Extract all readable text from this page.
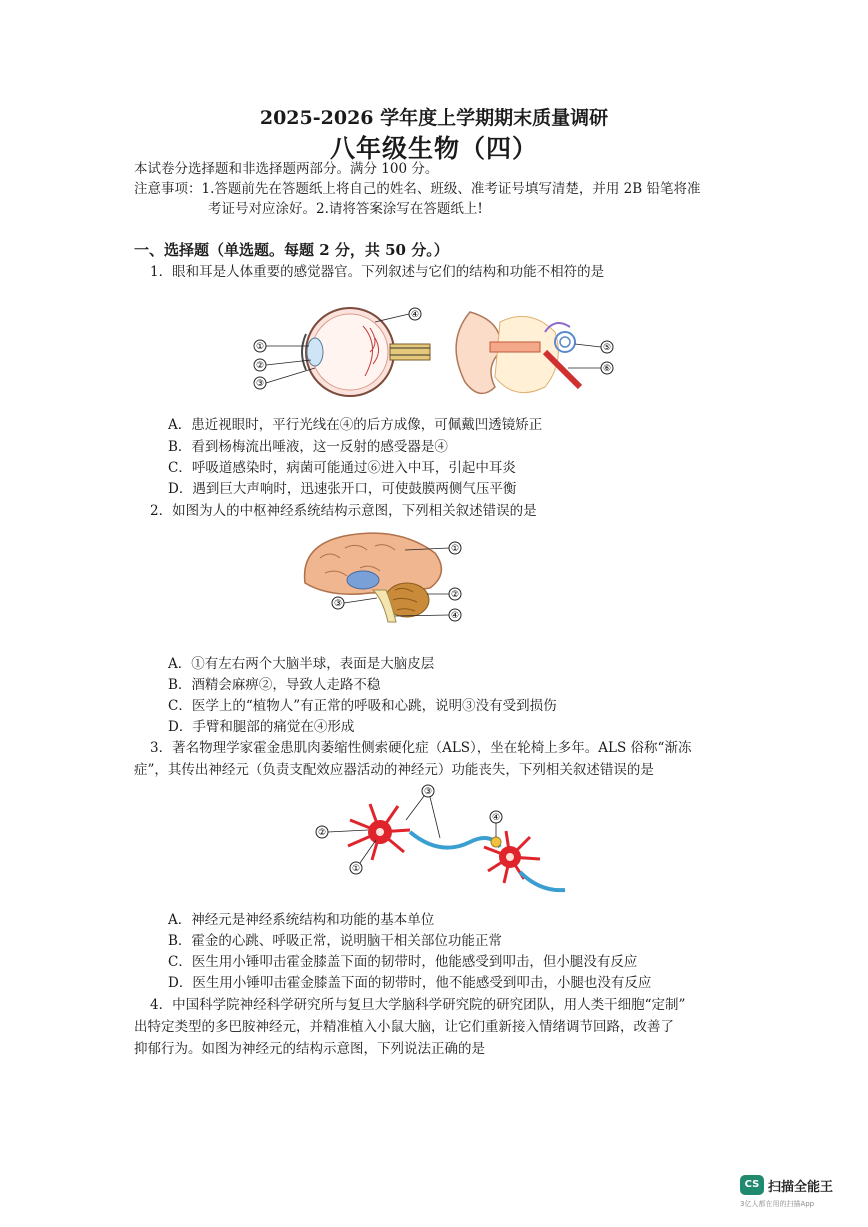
2025-2026 学年度上学期期末质量调研
八年级生物（四）
本试卷分选择题和非选择题两部分。满分 100 分。
注意事项：1.答题前先在答题纸上将自己的姓名、班级、准考证号填写清楚，并用 2B 铅笔将准
考证号对应涂好。2.请将答案涂写在答题纸上!
一、选择题（单选题。每题 2 分，共 50 分。）
1．眼和耳是人体重要的感觉器官。下列叙述与它们的结构和功能不相符的是
①
②
③
④
⑤
⑥
A．患近视眼时，平行光线在④的后方成像，可佩戴凹透镜矫正
B．看到杨梅流出唾液，这一反射的感受器是④
C．呼吸道感染时，病菌可能通过⑥进入中耳，引起中耳炎
D．遇到巨大声响时，迅速张开口，可使鼓膜两侧气压平衡
2．如图为人的中枢神经系统结构示意图，下列相关叙述错误的是
①
②
③
④
A．①有左右两个大脑半球，表面是大脑皮层
B．酒精会麻痹②，导致人走路不稳
C．医学上的“植物人”有正常的呼吸和心跳，说明③没有受到损伤
D．手臂和腿部的痛觉在④形成
3．著名物理学家霍金患肌肉萎缩性侧索硬化症（ALS），坐在轮椅上多年。ALS 俗称“渐冻
症”，其传出神经元（负责支配效应器活动的神经元）功能丧失，下列相关叙述错误的是
②
①
③
④
A．神经元是神经系统结构和功能的基本单位
B．霍金的心跳、呼吸正常，说明脑干相关部位功能正常
C．医生用小锤叩击霍金膝盖下面的韧带时，他能感受到叩击，但小腿没有反应
D．医生用小锤叩击霍金膝盖下面的韧带时，他不能感受到叩击，小腿也没有反应
4．中国科学院神经科学研究所与复旦大学脑科学研究院的研究团队，用人类干细胞“定制”
出特定类型的多巴胺神经元，并精准植入小鼠大脑，让它们重新接入情绪调节回路，改善了
抑郁行为。如图为神经元的结构示意图，下列说法正确的是
CS 扫描全能王
3亿人都在用的扫描App
